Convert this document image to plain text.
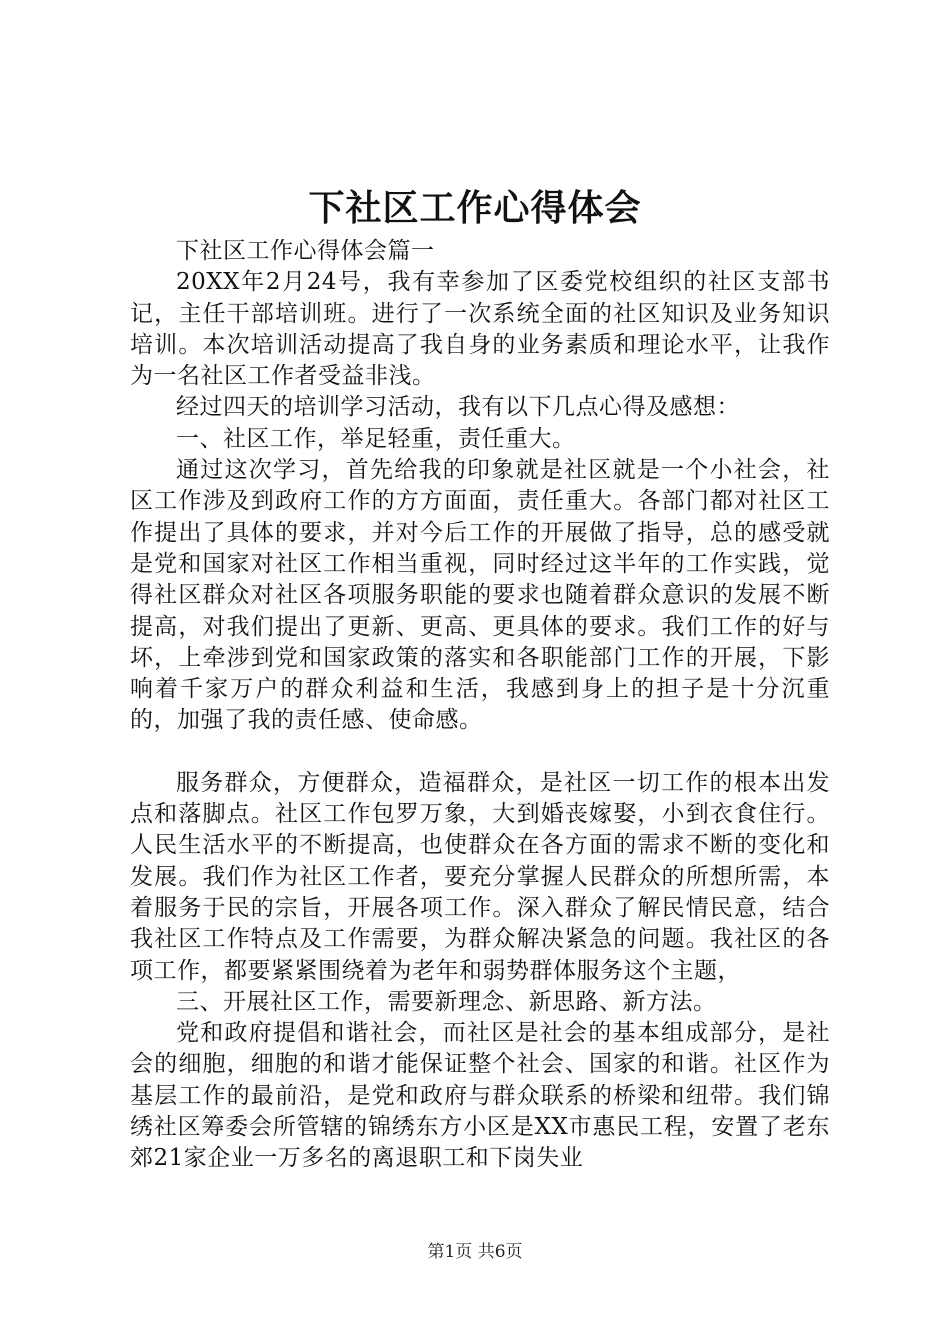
下社区工作心得体会

下社区工作心得体会篇一

20XX年2月24号，我有幸参加了区委党校组织的社区支部书记，主任干部培训班。进行了一次系统全面的社区知识及业务知识培训。本次培训活动提高了我自身的业务素质和理论水平，让我作为一名社区工作者受益非浅。

经过四天的培训学习活动，我有以下几点心得及感想：

一、社区工作，举足轻重，责任重大。

通过这次学习，首先给我的印象就是社区就是一个小社会，社区工作涉及到政府工作的方方面面，责任重大。各部门都对社区工作提出了具体的要求，并对今后工作的开展做了指导，总的感受就是党和国家对社区工作相当重视，同时经过这半年的工作实践，觉得社区群众对社区各项服务职能的要求也随着群众意识的发展不断提高，对我们提出了更新、更高、更具体的要求。我们工作的好与坏，上牵涉到党和国家政策的落实和各职能部门工作的开展，下影响着千家万户的群众利益和生活，我感到身上的担子是十分沉重的，加强了我的责任感、使命感。

服务群众，方便群众，造福群众，是社区一切工作的根本出发点和落脚点。社区工作包罗万象，大到婚丧嫁娶，小到衣食住行。人民生活水平的不断提高，也使群众在各方面的需求不断的变化和发展。我们作为社区工作者，要充分掌握人民群众的所想所需，本着服务于民的宗旨，开展各项工作。深入群众了解民情民意，结合我社区工作特点及工作需要，为群众解决紧急的问题。我社区的各项工作，都要紧紧围绕着为老年和弱势群体服务这个主题，

三、开展社区工作，需要新理念、新思路、新方法。

党和政府提倡和谐社会，而社区是社会的基本组成部分，是社会的细胞，细胞的和谐才能保证整个社会、国家的和谐。社区作为基层工作的最前沿，是党和政府与群众联系的桥梁和纽带。我们锦绣社区筹委会所管辖的锦绣东方小区是XX市惠民工程，安置了老东郊21家企业一万多名的离退职工和下岗失业

第1页 共6页
